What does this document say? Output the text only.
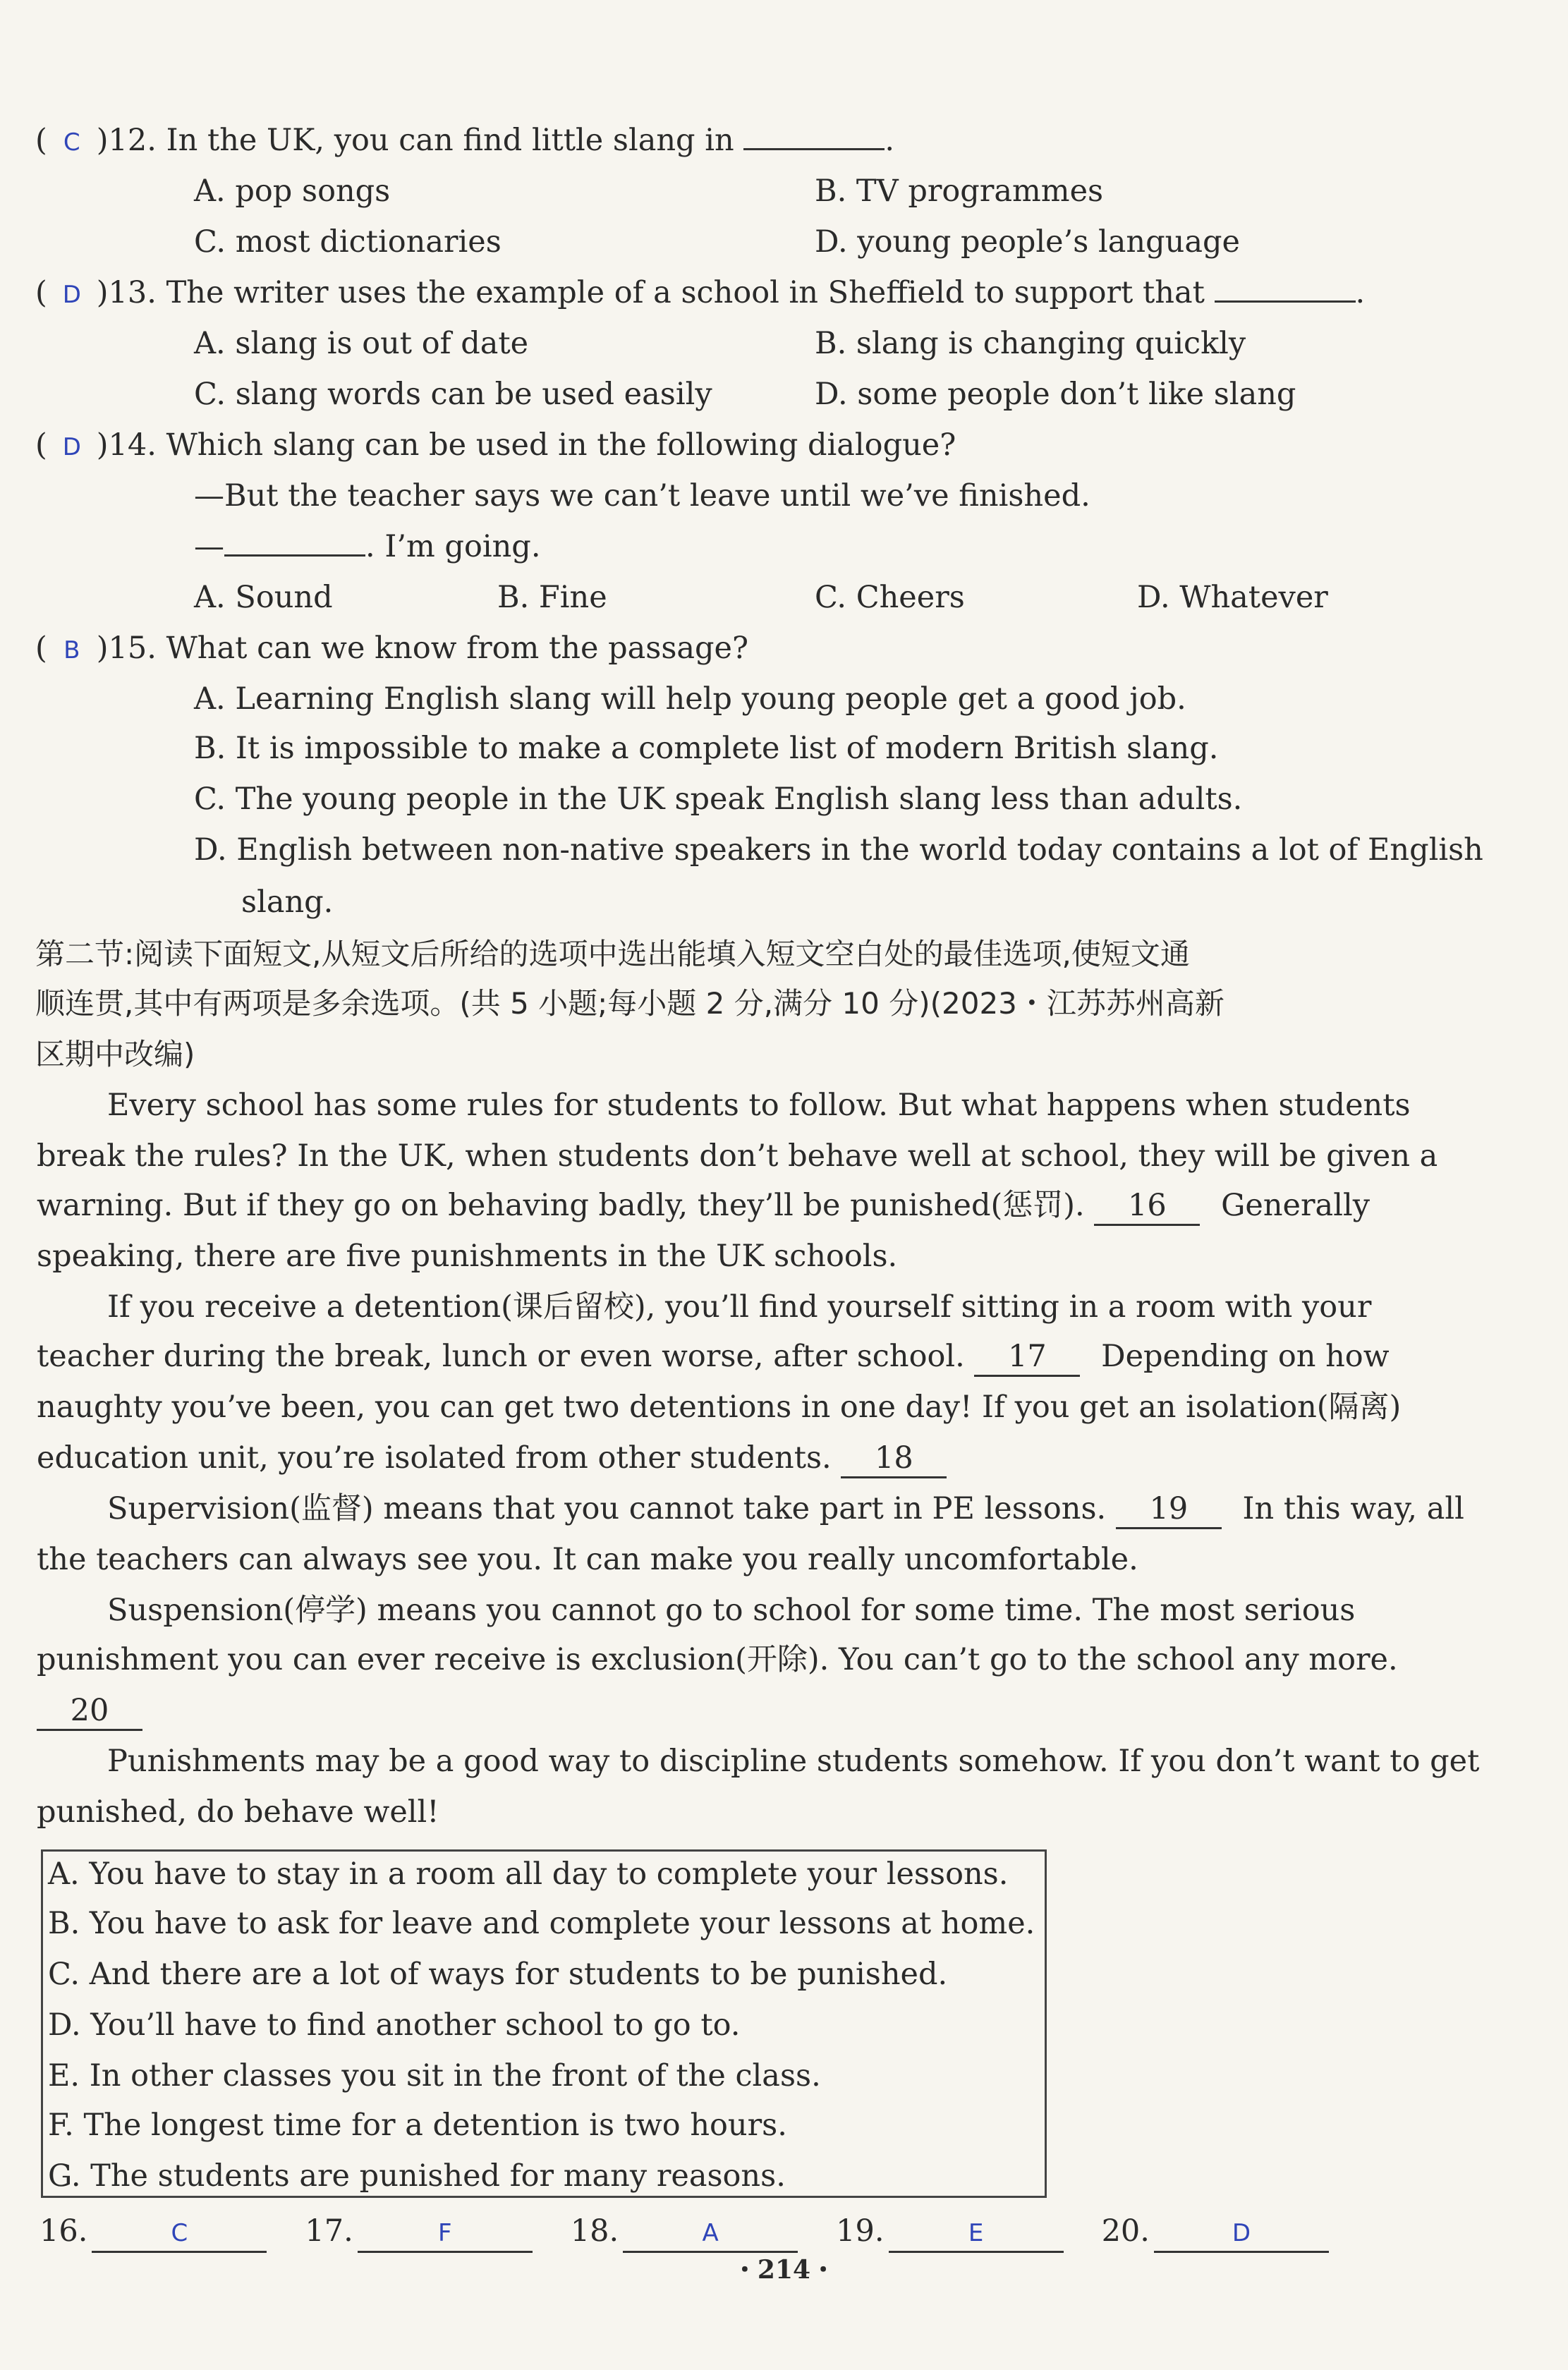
( C )12. In the UK, you can find little slang in	.
A. pop songs	B. TV programmes
C. most dictionaries	D. young people’s language
( D )13. The writer uses the example of a school in Sheffield to support that	.
A. slang is out of date	B. slang is changing quickly
C. slang words can be used easily	D. some people don’t like slang
( D )14. Which slang can be used in the following dialogue?
—But the teacher says we can’t leave until we’ve finished.
—	. I’m going.
A. Sound	B. Fine	C. Cheers	D. Whatever
( B )15. What can we know from the passage?
A. Learning English slang will help young people get a good job.
B. It is impossible to make a complete list of modern British slang.
C. The young people in the UK speak English slang less than adults.
D. English between non-native speakers in the world today contains a lot of English
slang.
第二节:阅读下面短文,从短文后所给的选项中选出能填入短文空白处的最佳选项,使短文通
顺连贯,其中有两项是多余选项。(共 5 小题;每小题 2 分,满分 10 分)(2023・江苏苏州高新
区期中改编)
Every school has some rules for students to follow. But what happens when students
break the rules? In the UK, when students don’t behave well at school, they will be given a
warning. But if they go on behaving badly, they’ll be punished(惩罚). 16 Generally
speaking, there are five punishments in the UK schools.
If you receive a detention(课后留校), you’ll find yourself sitting in a room with your
teacher during the break, lunch or even worse, after school. 17 Depending on how
naughty you’ve been, you can get two detentions in one day! If you get an isolation(隔离)
education unit, you’re isolated from other students. 18
Supervision(监督) means that you cannot take part in PE lessons. 19 In this way, all
the teachers can always see you. It can make you really uncomfortable.
Suspension(停学) means you cannot go to school for some time. The most serious
punishment you can ever receive is exclusion(开除). You can’t go to the school any more.
20
Punishments may be a good way to discipline students somehow. If you don’t want to get
punished, do behave well!
A. You have to stay in a room all day to complete your lessons.
B. You have to ask for leave and complete your lessons at home.
C. And there are a lot of ways for students to be punished.
D. You’ll have to find another school to go to.
E. In other classes you sit in the front of the class.
F. The longest time for a detention is two hours.
G. The students are punished for many reasons.
16.	C	17.	F	18.	A	19.	E	20.	D
・214・
